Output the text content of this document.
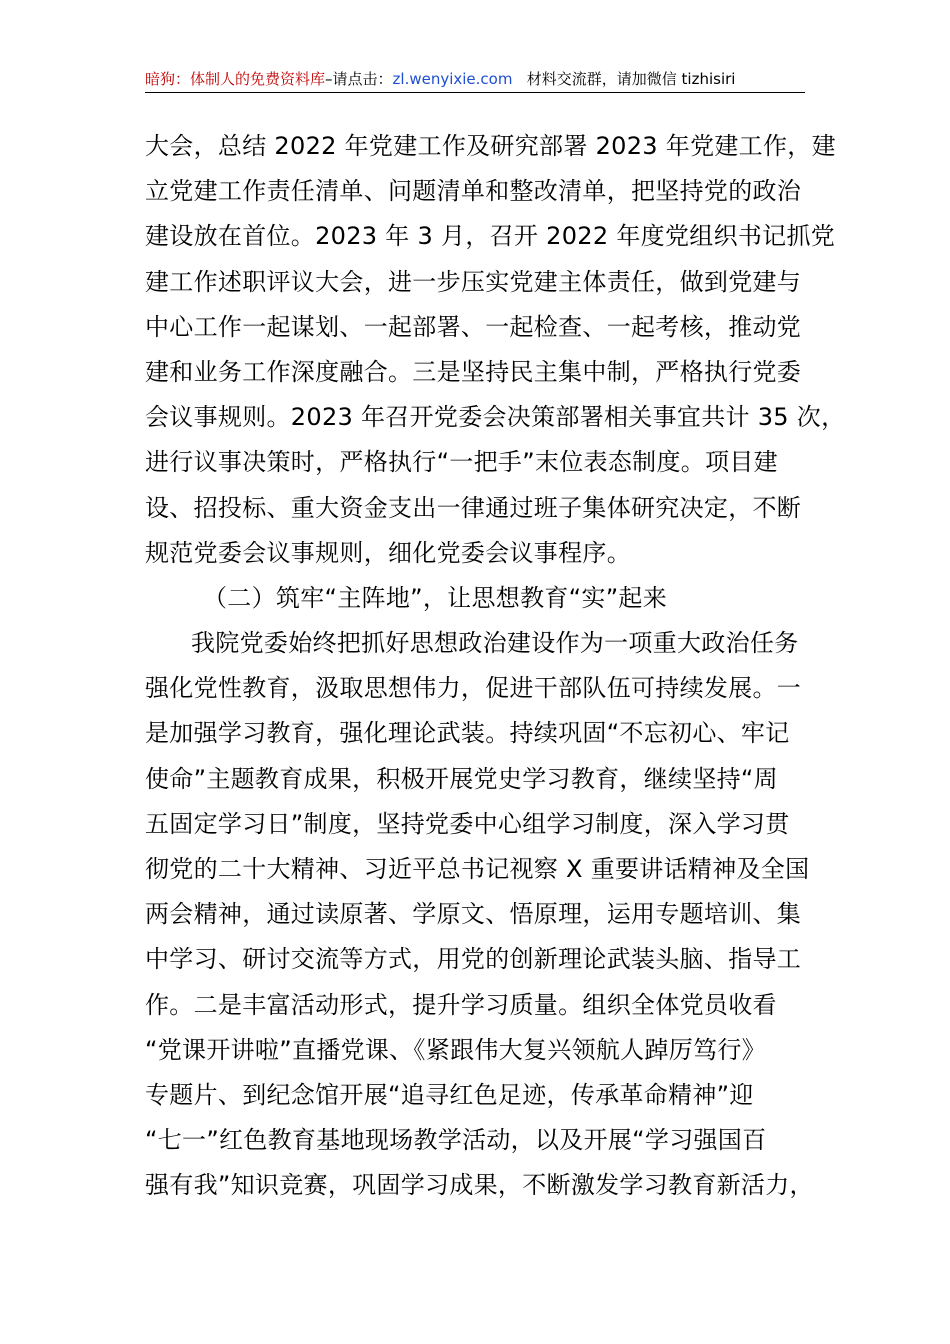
暗狗：体制人的免费资料库–请点击：zl.wenyixie.com   材料交流群，请加微信 tizhisiri
大会，总结 2022 年党建工作及研究部署 2023 年党建工作，建
立党建工作责任清单、问题清单和整改清单，把坚持党的政治
建设放在首位。2023 年 3 月，召开 2022 年度党组织书记抓党
建工作述职评议大会，进一步压实党建主体责任，做到党建与
中心工作一起谋划、一起部署、一起检查、一起考核，推动党
建和业务工作深度融合。三是坚持民主集中制，严格执行党委
会议事规则。2023 年召开党委会决策部署相关事宜共计 35 次，
进行议事决策时，严格执行“一把手”末位表态制度。项目建
设、招投标、重大资金支出一律通过班子集体研究决定，不断
规范党委会议事规则，细化党委会议事程序。
（二）筑牢“主阵地”，让思想教育“实”起来
我院党委始终把抓好思想政治建设作为一项重大政治任务
强化党性教育，汲取思想伟力，促进干部队伍可持续发展。一
是加强学习教育，强化理论武装。持续巩固“不忘初心、牢记
使命”主题教育成果，积极开展党史学习教育，继续坚持“周
五固定学习日”制度，坚持党委中心组学习制度，深入学习贯
彻党的二十大精神、习近平总书记视察 X 重要讲话精神及全国
两会精神，通过读原著、学原文、悟原理，运用专题培训、集
中学习、研讨交流等方式，用党的创新理论武装头脑、指导工
作。二是丰富活动形式，提升学习质量。组织全体党员收看
“党课开讲啦”直播党课、《紧跟伟大复兴领航人踔厉笃行》
专题片、到纪念馆开展“追寻红色足迹，传承革命精神”迎
“七一”红色教育基地现场教学活动，以及开展“学习强国百
强有我”知识竞赛，巩固学习成果，不断激发学习教育新活力，
